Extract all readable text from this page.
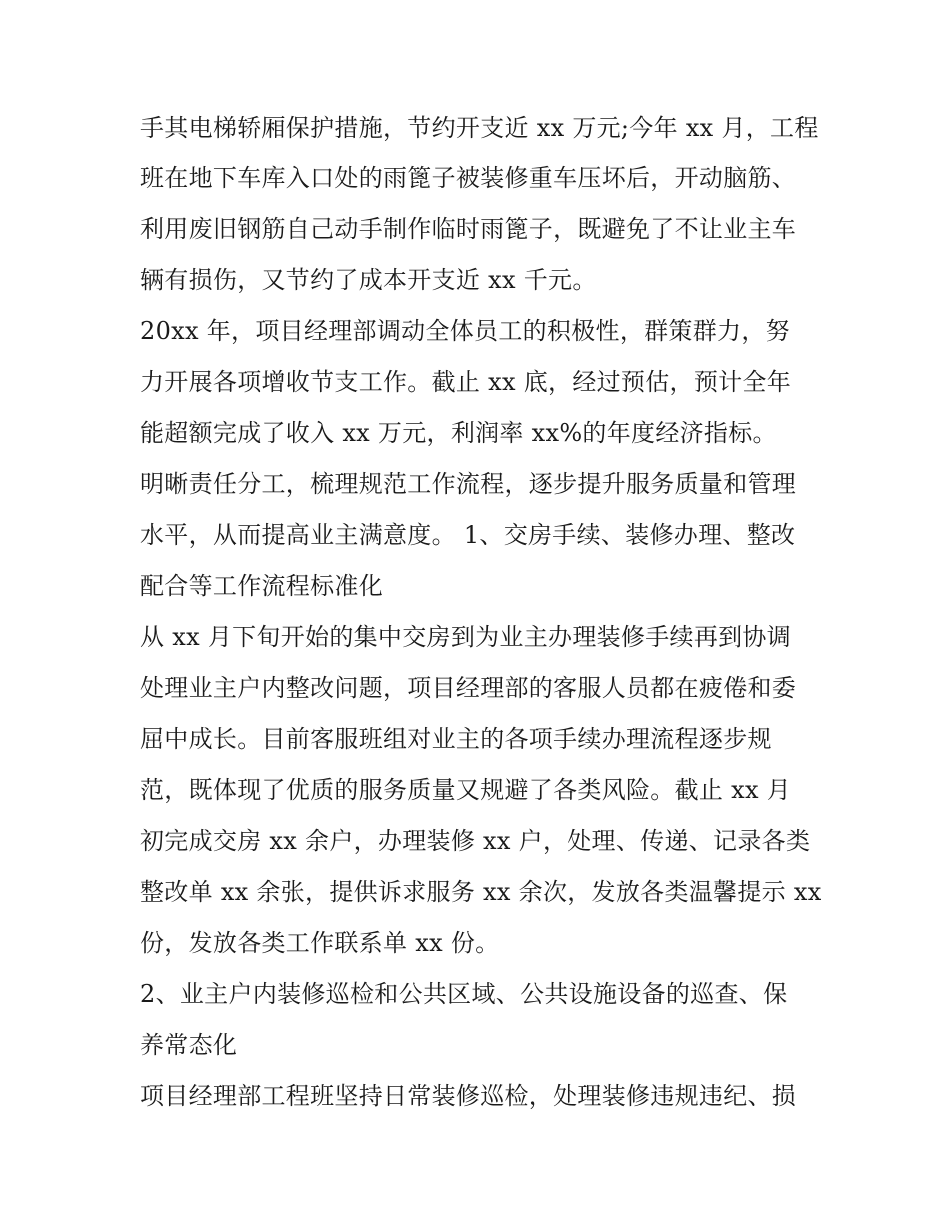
手其电梯轿厢保护措施，节约开支近 xx 万元;今年 xx 月，工程
班在地下车库入口处的雨篦子被装修重车压坏后，开动脑筋、
利用废旧钢筋自己动手制作临时雨篦子，既避免了不让业主车
辆有损伤，又节约了成本开支近 xx 千元。
20xx 年，项目经理部调动全体员工的积极性，群策群力，努
力开展各项增收节支工作。截止 xx 底，经过预估，预计全年
能超额完成了收入 xx 万元，利润率 xx%的年度经济指标。
明晰责任分工，梳理规范工作流程，逐步提升服务质量和管理
水平，从而提高业主满意度。 1、交房手续、装修办理、整改
配合等工作流程标准化
从 xx 月下旬开始的集中交房到为业主办理装修手续再到协调
处理业主户内整改问题，项目经理部的客服人员都在疲倦和委
屈中成长。目前客服班组对业主的各项手续办理流程逐步规
范，既体现了优质的服务质量又规避了各类风险。截止 xx 月
初完成交房 xx 余户，办理装修 xx 户，处理、传递、记录各类
整改单 xx 余张，提供诉求服务 xx 余次，发放各类温馨提示 xx
份，发放各类工作联系单 xx 份。
2、业主户内装修巡检和公共区域、公共设施设备的巡查、保
养常态化
项目经理部工程班坚持日常装修巡检，处理装修违规违纪、损
